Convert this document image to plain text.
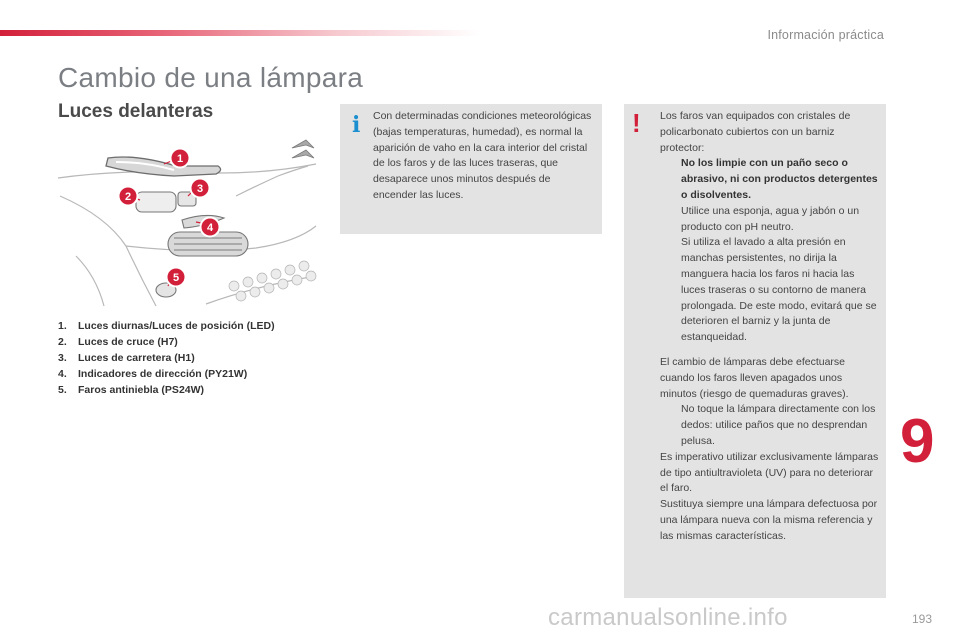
Información práctica
Cambio de una lámpara
Luces delanteras
1
2
3
4
5
1. Luces diurnas/Luces de posición (LED)
2. Luces de cruce (H7)
3. Luces de carretera (H1)
4. Indicadores de dirección (PY21W)
5. Faros antiniebla (PS24W)
i Con determinadas condiciones meteorológicas (bajas temperaturas, humedad), es normal la aparición de vaho en la cara interior del cristal de los faros y de las luces traseras, que desaparece unos minutos después de encender las luces.

! Los faros van equipados con cristales de policarbonato cubiertos con un barniz protector:

No los limpie con un paño seco o abrasivo, ni con productos detergentes o disolventes.
Utilice una esponja, agua y jabón o un producto con pH neutro.
Si utiliza el lavado a alta presión en manchas persistentes, no dirija la manguera hacia los faros ni hacia las luces traseras o su contorno de manera prolongada. De este modo, evitará que se deterioren el barniz y la junta de estanqueidad.

El cambio de lámparas debe efectuarse cuando los faros lleven apagados unos minutos (riesgo de quemaduras graves).

No toque la lámpara directamente con los dedos: utilice paños que no desprendan pelusa.

Es imperativo utilizar exclusivamente lámparas de tipo antiultravioleta (UV) para no deteriorar el faro.

Sustituya siempre una lámpara defectuosa por una lámpara nueva con la misma referencia y las mismas características.

9
193
carmanualsonline.info
